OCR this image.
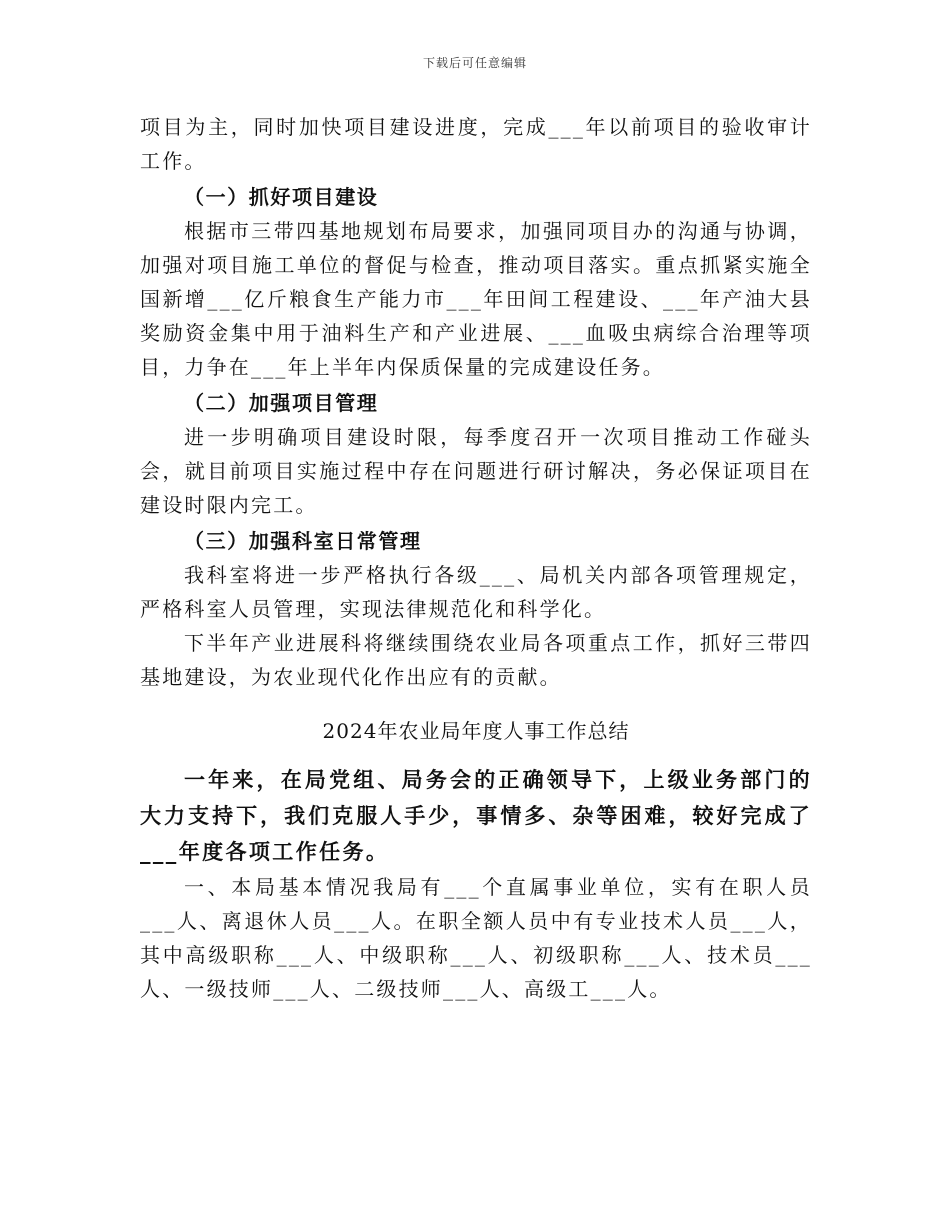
下载后可任意编辑

项目为主，同时加快项目建设进度，完成___年以前项目的验收审计工作。

（一）抓好项目建设

根据市三带四基地规划布局要求，加强同项目办的沟通与协调，加强对项目施工单位的督促与检查，推动项目落实。重点抓紧实施全国新增___亿斤粮食生产能力市___年田间工程建设、___年产油大县奖励资金集中用于油料生产和产业进展、___血吸虫病综合治理等项目，力争在___年上半年内保质保量的完成建设任务。

（二）加强项目管理

进一步明确项目建设时限，每季度召开一次项目推动工作碰头会，就目前项目实施过程中存在问题进行研讨解决，务必保证项目在建设时限内完工。

（三）加强科室日常管理

我科室将进一步严格执行各级___、局机关内部各项管理规定，严格科室人员管理，实现法律规范化和科学化。

下半年产业进展科将继续围绕农业局各项重点工作，抓好三带四基地建设，为农业现代化作出应有的贡献。

2024年农业局年度人事工作总结

一年来，在局党组、局务会的正确领导下，上级业务部门的大力支持下，我们克服人手少，事情多、杂等困难，较好完成了___年度各项工作任务。

一、本局基本情况我局有___个直属事业单位，实有在职人员___人、离退休人员___人。在职全额人员中有专业技术人员___人，其中高级职称___人、中级职称___人、初级职称___人、技术员___人、一级技师___人、二级技师___人、高级工___人。
